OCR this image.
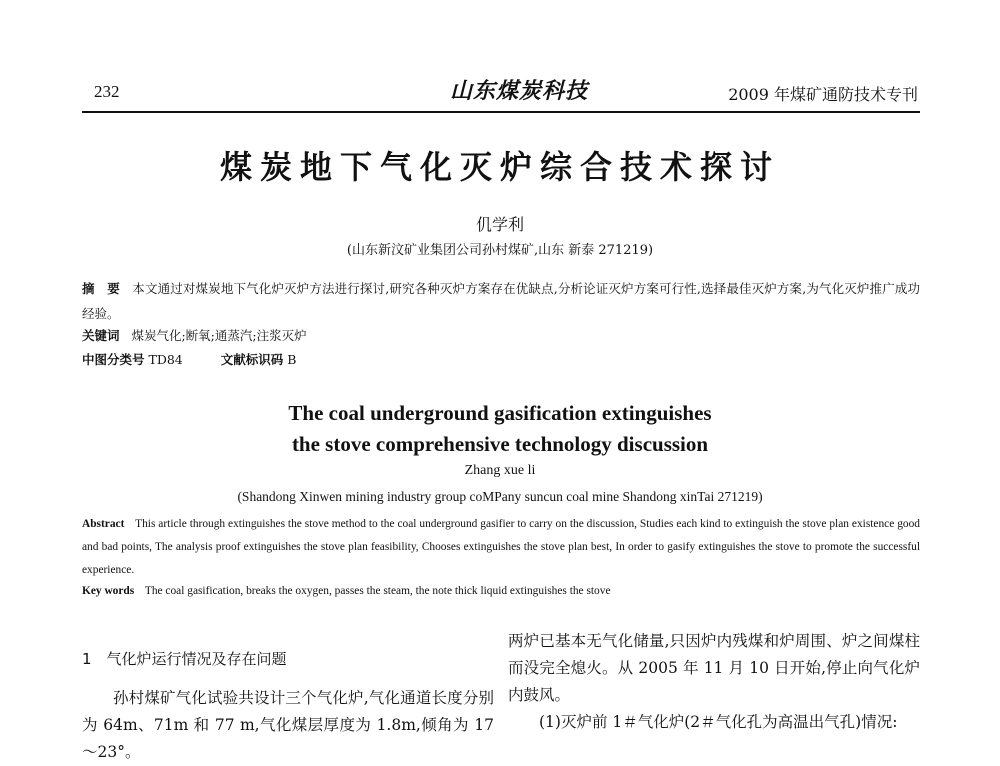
232	山东煤炭科技	2009 年煤矿通防技术专刊
煤炭地下气化灭炉综合技术探讨
仉学利
(山东新汶矿业集团公司孙村煤矿,山东 新泰 271219)
摘　要 本文通过对煤炭地下气化炉灭炉方法进行探讨,研究各种灭炉方案存在优缺点,分析论证灭炉方案可行性,选择最佳灭炉方案,为气化灭炉推广成功经验。
关键词 煤炭气化;断氧;通蒸汽;注浆灭炉
中图分类号 TD84	文献标识码 B
The coal underground gasification extinguishes
the stove comprehensive technology discussion
Zhang xue li
(Shandong Xinwen mining industry group coMPany suncun coal mine Shandong xinTai 271219)
Abstract This article through extinguishes the stove method to the coal underground gasifier to carry on the discussion, Studies each kind to extinguish the stove plan existence good and bad points, The analysis proof extinguishes the stove plan feasibility, Chooses extinguishes the stove plan best, In order to gasify extinguishes the stove to promote the successful experience.
Key words The coal gasification, breaks the oxygen, passes the steam, the note thick liquid extinguishes the stove
1　气化炉运行情况及存在问题
孙村煤矿气化试验共设计三个气化炉,气化通道长度分别为 64m、71m 和 77 m,气化煤层厚度为 1.8m,倾角为 17～23°。
两炉已基本无气化储量,只因炉内残煤和炉周围、炉之间煤柱而没完全熄火。从 2005 年 11 月 10 日开始,停止向气化炉内鼓风。
(1)灭炉前 1＃气化炉(2＃气化孔为高温出气孔)情况:
